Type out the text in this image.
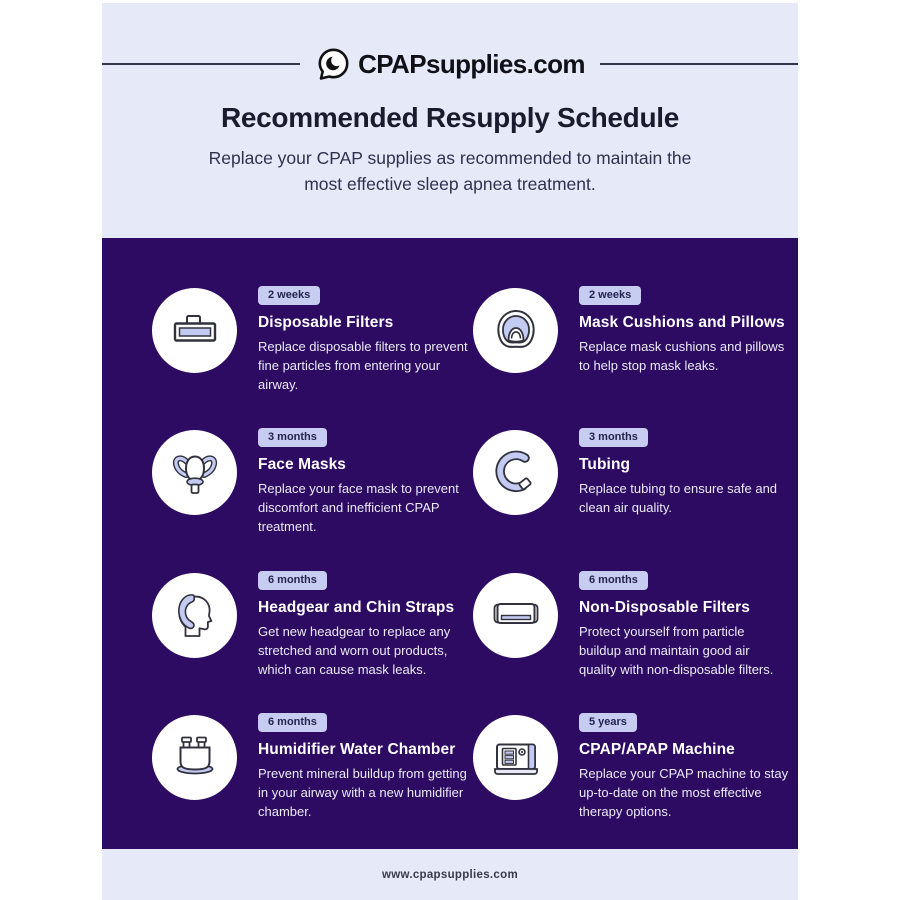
CPAPsupplies.com
Recommended Resupply Schedule

Replace your CPAP supplies as recommended to maintain the most effective sleep apnea treatment.

2 weeks
Disposable Filters

Replace disposable filters to prevent fine particles from entering your airway.

2 weeks
Mask Cushions and Pillows

Replace mask cushions and pillows to help stop mask leaks.

3 months
Face Masks

Replace your face mask to prevent discomfort and inefficient CPAP treatment.

3 months
Tubing

Replace tubing to ensure safe and clean air quality.

6 months
Headgear and Chin Straps

Get new headgear to replace any stretched and worn out products, which can cause mask leaks.

6 months
Non-Disposable Filters

Protect yourself from particle buildup and maintain good air quality with non-disposable filters.

6 months
Humidifier Water Chamber

Prevent mineral buildup from getting in your airway with a new humidifier chamber.

5 years
CPAP/APAP Machine

Replace your CPAP machine to stay up-to-date on the most effective therapy options.

www.cpapsupplies.com
